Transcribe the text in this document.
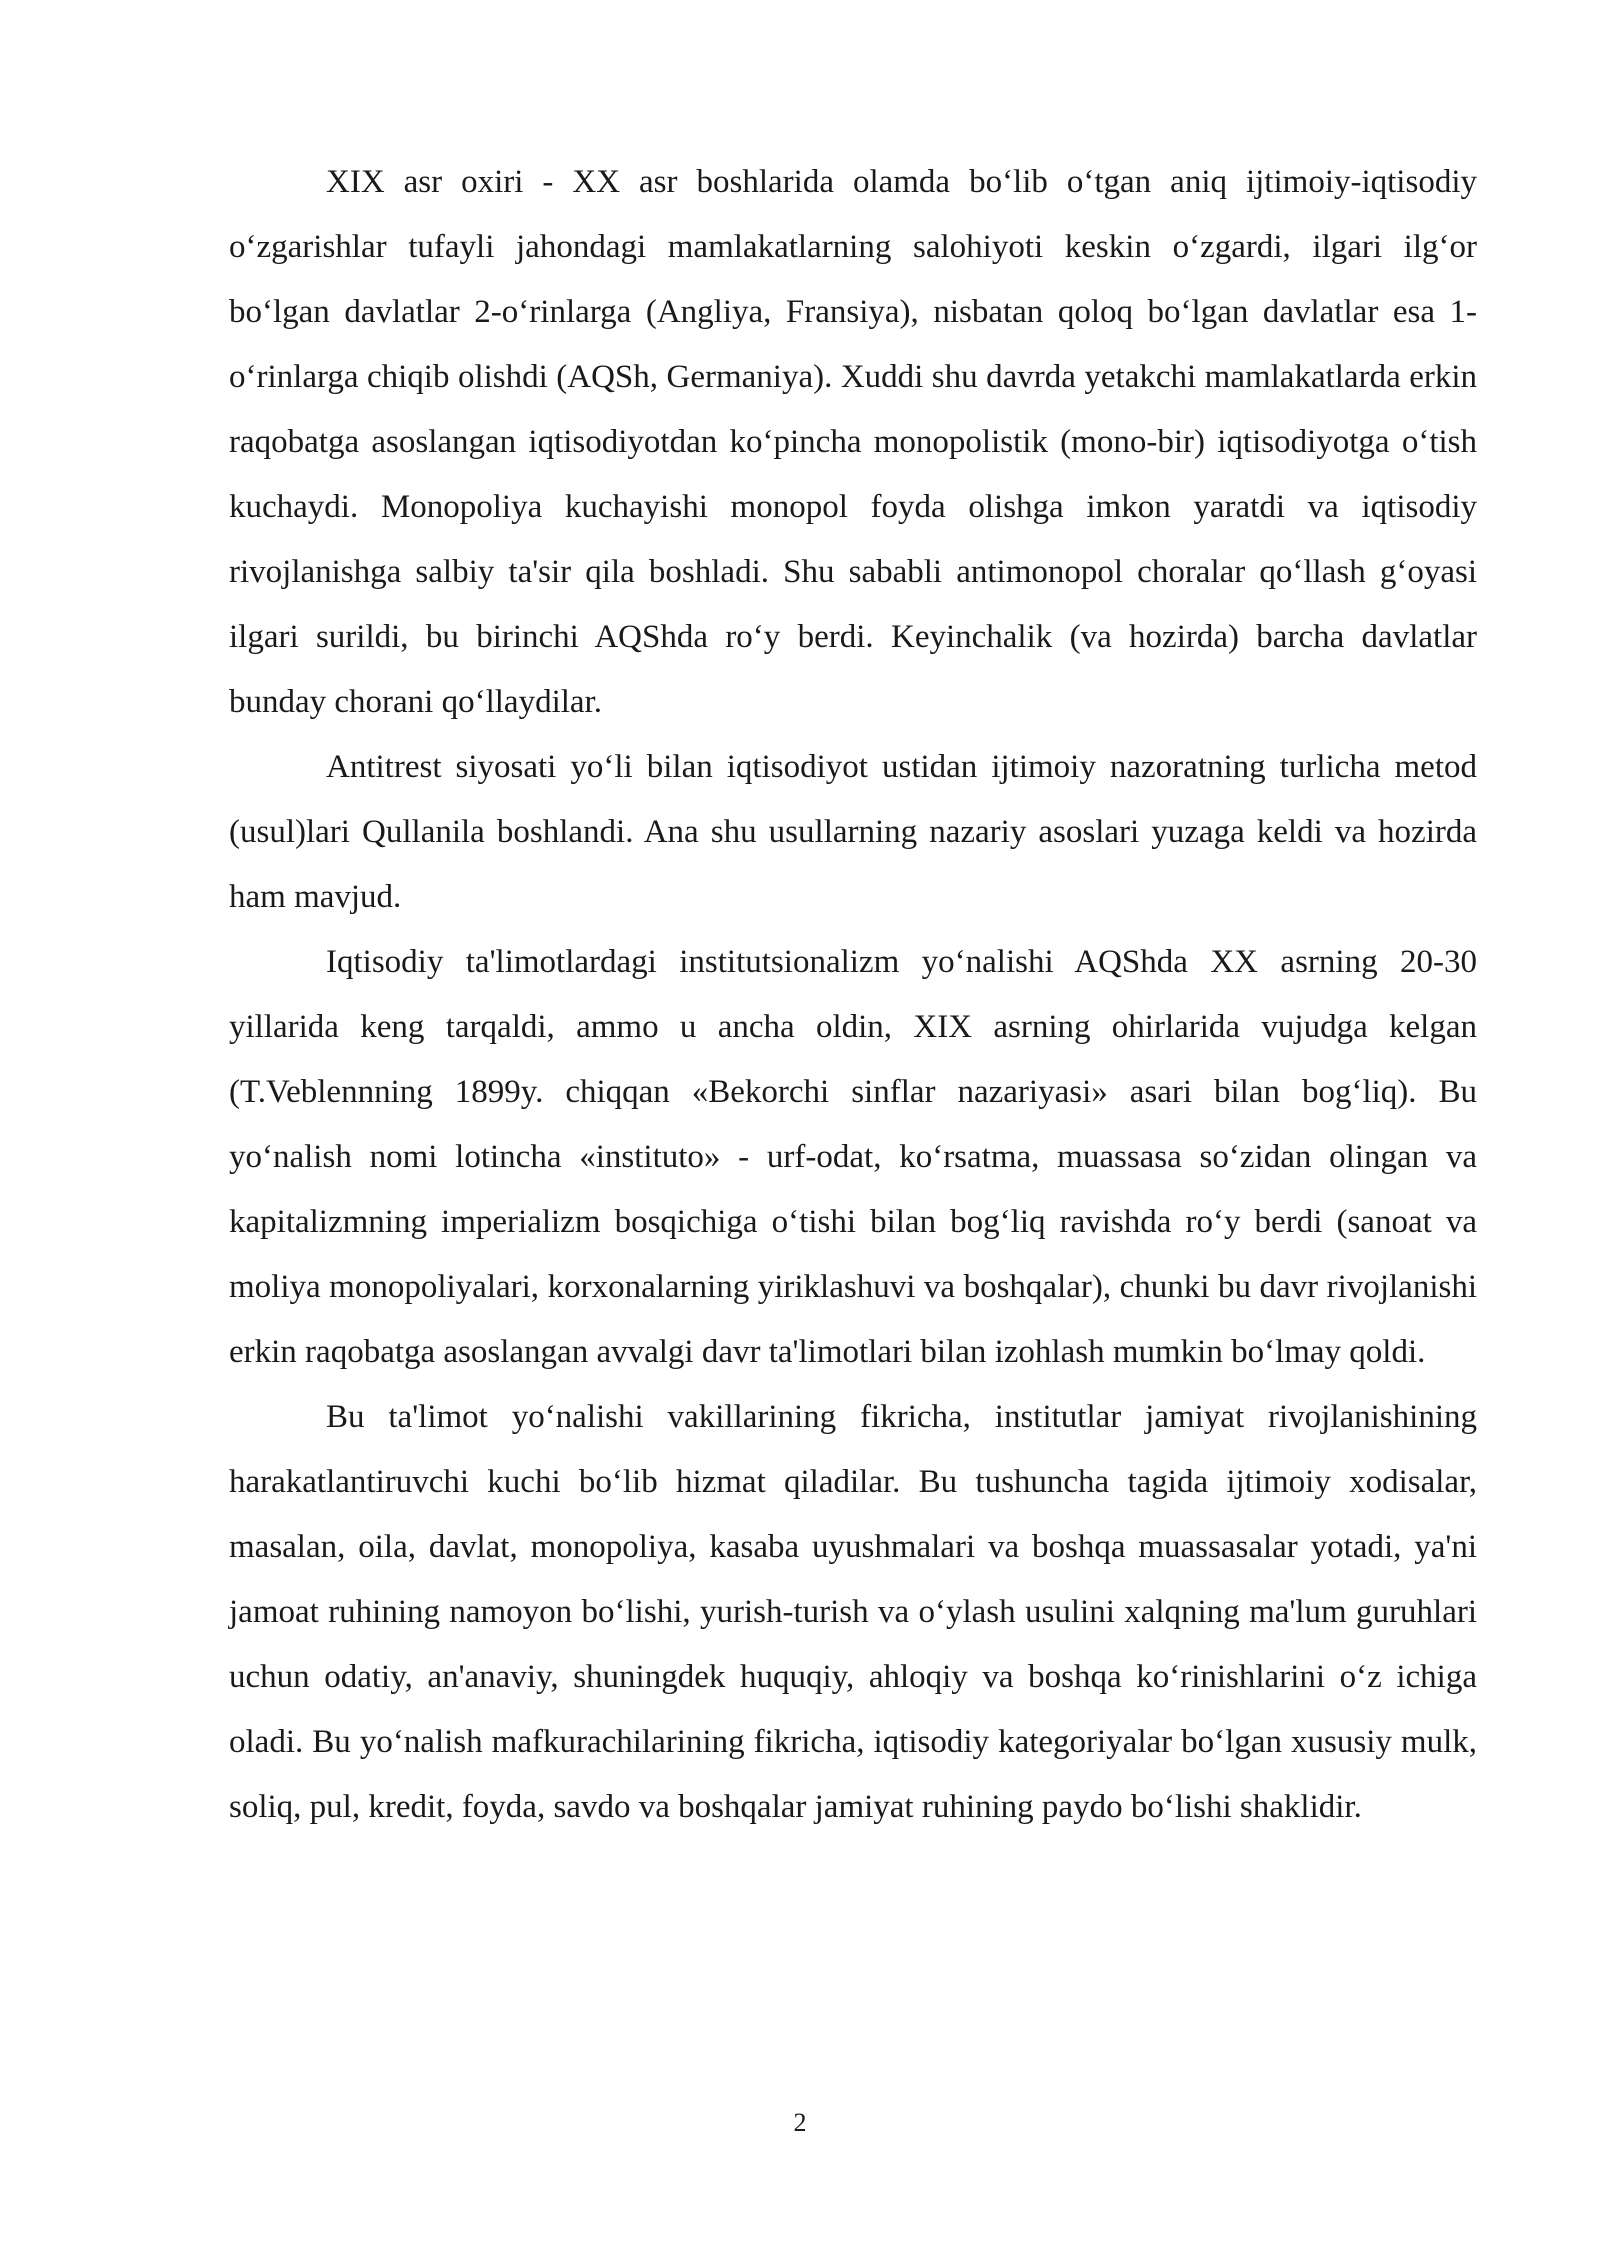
XIX asr oxiri - XX asr boshlarida olamda bo‘lib o‘tgan aniq ijtimoiy-iqtisodiy o‘zgarishlar tufayli jahondagi mamlakatlarning salohiyoti keskin o‘zgardi, ilgari ilg‘or bo‘lgan davlatlar 2-o‘rinlarga (Angliya, Fransiya), nisbatan qoloq bo‘lgan davlatlar esa 1-o‘rinlarga chiqib olishdi (AQSh, Germaniya). Xuddi shu davrda yetakchi mamlakatlarda erkin raqobatga asoslangan iqtisodiyotdan ko‘pincha monopolistik (mono-bir) iqtisodiyotga o‘tish kuchaydi. Monopoliya kuchayishi monopol foyda olishga imkon yaratdi va iqtisodiy rivojlanishga salbiy ta'sir qila boshladi. Shu sababli antimonopol choralar qo‘llash g‘oyasi ilgari surildi, bu birinchi AQShda ro‘y berdi. Keyinchalik (va hozirda) barcha davlatlar bunday chorani qo‘llaydilar.

Antitrest siyosati yo‘li bilan iqtisodiyot ustidan ijtimoiy nazoratning turlicha metod (usul)lari Qullanila boshlandi. Ana shu usullarning nazariy asoslari yuzaga keldi va hozirda ham mavjud.

Iqtisodiy ta'limotlardagi institutsionalizm yo‘nalishi AQShda XX asrning 20-30 yillarida keng tarqaldi, ammo u ancha oldin, XIX asrning ohirlarida vujudga kelgan (T.Veblennning 1899y. chiqqan «Bekorchi sinflar nazariyasi» asari bilan bog‘liq). Bu yo‘nalish nomi lotincha «instituto» - urf-odat, ko‘rsatma, muassasa so‘zidan olingan va kapitalizmning imperializm bosqichiga o‘tishi bilan bog‘liq ravishda ro‘y berdi (sanoat va moliya monopoliyalari, korxonalarning yiriklashuvi va boshqalar), chunki bu davr rivojlanishi erkin raqobatga asoslangan avvalgi davr ta'limotlari bilan izohlash mumkin bo‘lmay qoldi.

Bu ta'limot yo‘nalishi vakillarining fikricha, institutlar jamiyat rivojlanishining harakatlantiruvchi kuchi bo‘lib hizmat qiladilar. Bu tushuncha tagida ijtimoiy xodisalar, masalan, oila, davlat, monopoliya, kasaba uyushmalari va boshqa muassasalar yotadi, ya'ni jamoat ruhining namoyon bo‘lishi, yurish-turish va o‘ylash usulini xalqning ma'lum guruhlari uchun odatiy, an'anaviy, shuningdek huquqiy, ahloqiy va boshqa ko‘rinishlarini o‘z ichiga oladi. Bu yo‘nalish mafkurachilarining fikricha, iqtisodiy kategoriyalar bo‘lgan xususiy mulk, soliq, pul, kredit, foyda, savdo va boshqalar jamiyat ruhining paydo bo‘lishi shaklidir.

2
